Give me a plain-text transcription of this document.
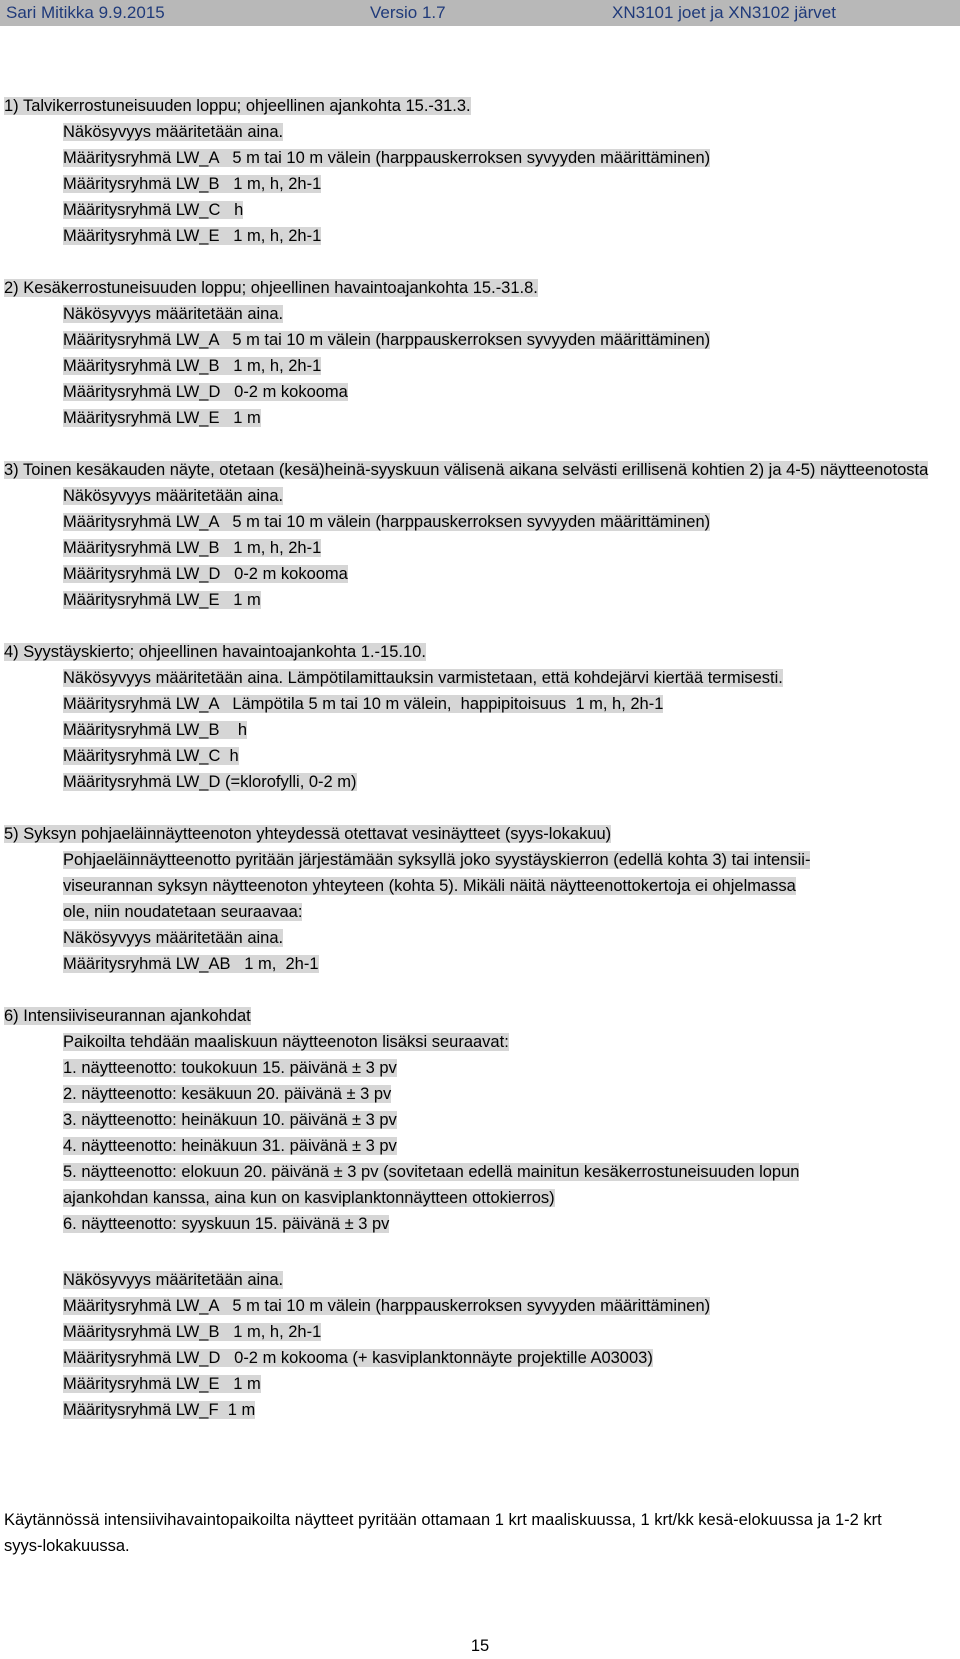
Sari Mitikka 9.9.2015	Versio 1.7	XN3101 joet ja XN3102 järvet
1) Talvikerrostuneisuuden loppu; ohjeellinen ajankohta 15.-31.3.
Näkösyvyys määritetään aina.
Määritysryhmä LW_A   5 m tai 10 m välein (harppauskerroksen syvyyden määrittäminen)
Määritysryhmä LW_B   1 m, h, 2h-1
Määritysryhmä LW_C   h
Määritysryhmä LW_E   1 m, h, 2h-1
2) Kesäkerrostuneisuuden loppu; ohjeellinen havaintoajankohta 15.-31.8.
Näkösyvyys määritetään aina.
Määritysryhmä LW_A   5 m tai 10 m välein (harppauskerroksen syvyyden määrittäminen)
Määritysryhmä LW_B   1 m, h, 2h-1
Määritysryhmä LW_D   0-2 m kokooma
Määritysryhmä LW_E   1 m
3) Toinen kesäkauden näyte, otetaan (kesä)heinä-syyskuun välisenä aikana selvästi erillisenä kohtien 2) ja 4-5) näytteenotosta
Näkösyvyys määritetään aina.
Määritysryhmä LW_A   5 m tai 10 m välein (harppauskerroksen syvyyden määrittäminen)
Määritysryhmä LW_B   1 m, h, 2h-1
Määritysryhmä LW_D   0-2 m kokooma
Määritysryhmä LW_E   1 m
4) Syystäyskierto; ohjeellinen havaintoajankohta 1.-15.10.
Näkösyvyys määritetään aina. Lämpötilamittauksin varmistetaan, että kohdejärvi kiertää termisesti.
Määritysryhmä LW_A   Lämpötila 5 m tai 10 m välein,  happipitoisuus  1 m, h, 2h-1
Määritysryhmä LW_B    h
Määritysryhmä LW_C  h
Määritysryhmä LW_D (=klorofylli, 0-2 m)
5) Syksyn pohjaeläinnäytteenoton yhteydessä otettavat vesinäytteet (syys-lokakuu)
Pohjaeläinnäytteenotto pyritään järjestämään syksyllä joko syystäyskierron (edellä kohta 3) tai intensii-
viseurannan syksyn näytteenoton yhteyteen (kohta 5). Mikäli näitä näytteenottokertoja ei ohjelmassa
ole, niin noudatetaan seuraavaa:
Näkösyvyys määritetään aina.
Määritysryhmä LW_AB   1 m,  2h-1
6) Intensiiviseurannan ajankohdat
Paikoilta tehdään maaliskuun näytteenoton lisäksi seuraavat:
1. näytteenotto: toukokuun 15. päivänä ± 3 pv
2. näytteenotto: kesäkuun 20. päivänä ± 3 pv
3. näytteenotto: heinäkuun 10. päivänä ± 3 pv
4. näytteenotto: heinäkuun 31. päivänä ± 3 pv
5. näytteenotto: elokuun 20. päivänä ± 3 pv (sovitetaan edellä mainitun kesäkerrostuneisuuden lopun
ajankohdan kanssa, aina kun on kasviplanktonnäytteen ottokierros)
6. näytteenotto: syyskuun 15. päivänä ± 3 pv
Näkösyvyys määritetään aina.
Määritysryhmä LW_A   5 m tai 10 m välein (harppauskerroksen syvyyden määrittäminen)
Määritysryhmä LW_B   1 m, h, 2h-1
Määritysryhmä LW_D   0-2 m kokooma (+ kasviplanktonnäyte projektille A03003)
Määritysryhmä LW_E   1 m
Määritysryhmä LW_F  1 m
Käytännössä intensiivihavaintopaikoilta näytteet pyritään ottamaan 1 krt maaliskuussa, 1 krt/kk kesä-elokuussa ja 1-2 krt syys-lokakuussa.
15
